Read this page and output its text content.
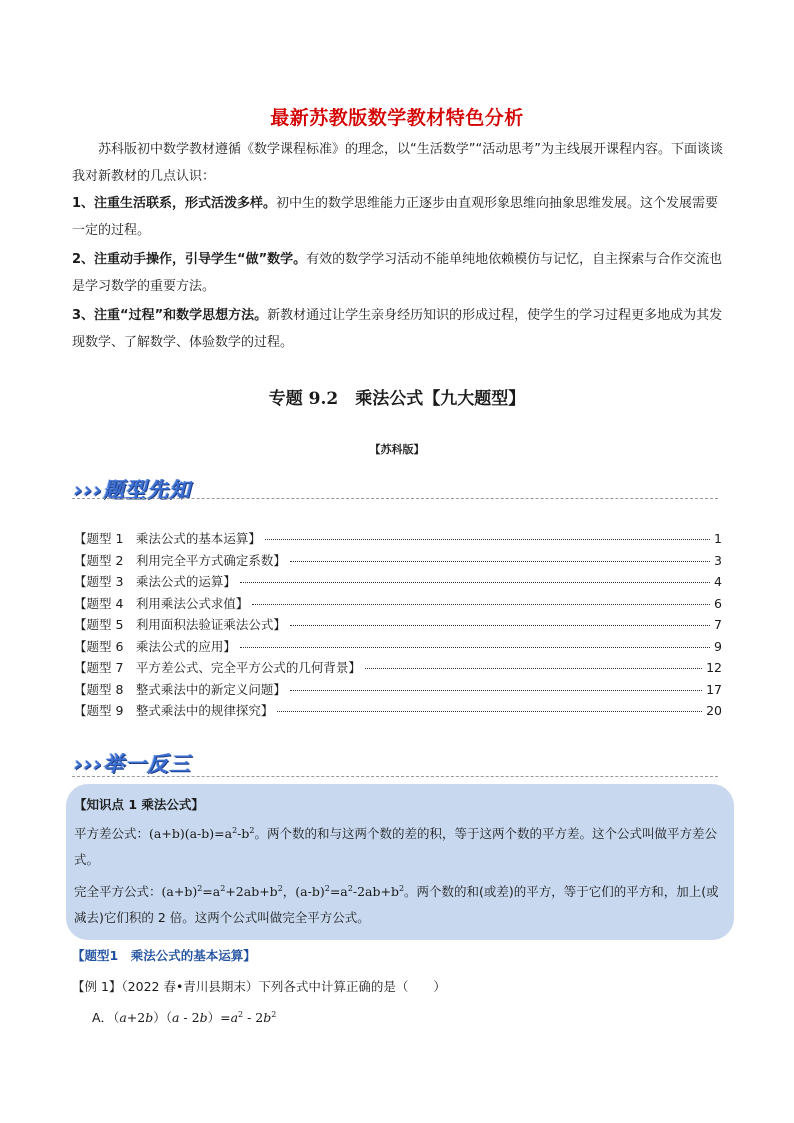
最新苏教版数学教材特色分析
苏科版初中数学教材遵循《数学课程标准》的理念，以“生活数学”“活动思考”为主线展开课程内容。下面谈谈我对新教材的几点认识：
1、注重生活联系，形式活泼多样。初中生的数学思维能力正逐步由直观形象思维向抽象思维发展。这个发展需要一定的过程。
2、注重动手操作，引导学生“做”数学。有效的数学学习活动不能单纯地依赖模仿与记忆，自主探索与合作交流也是学习数学的重要方法。
3、注重“过程”和数学思想方法。新教材通过让学生亲身经历知识的形成过程，使学生的学习过程更多地成为其发现数学、了解数学、体验数学的过程。
专题 9.2　乘法公式【九大题型】
【苏科版】
›››题型先知
【题型 1　乘法公式的基本运算】	1
【题型 2　利用完全平方式确定系数】	3
【题型 3　乘法公式的运算】	4
【题型 4　利用乘法公式求值】	6
【题型 5　利用面积法验证乘法公式】	7
【题型 6　乘法公式的应用】	9
【题型 7　平方差公式、完全平方公式的几何背景】	12
【题型 8　整式乘法中的新定义问题】	17
【题型 9　整式乘法中的规律探究】	20
›››举一反三
【知识点 1 乘法公式】
平方差公式：$(a+b)(a-b)=a^2-b^2$。两个数的和与这两个数的差的积，等于这两个数的平方差。这个公式叫做平方差公式。
完全平方公式：$(a+b)^2=a^2+2ab+b^2$，$(a-b)^2=a^2-2ab+b^2$。两个数的和(或差)的平方，等于它们的平方和，加上(或减去)它们积的 2 倍。这两个公式叫做完全平方公式。
【题型1　乘法公式的基本运算】
【例 1】（2022 春•青川县期末）下列各式中计算正确的是（　　）
A．$(a+2b)(a - 2b)=a^2 - 2b^2$
